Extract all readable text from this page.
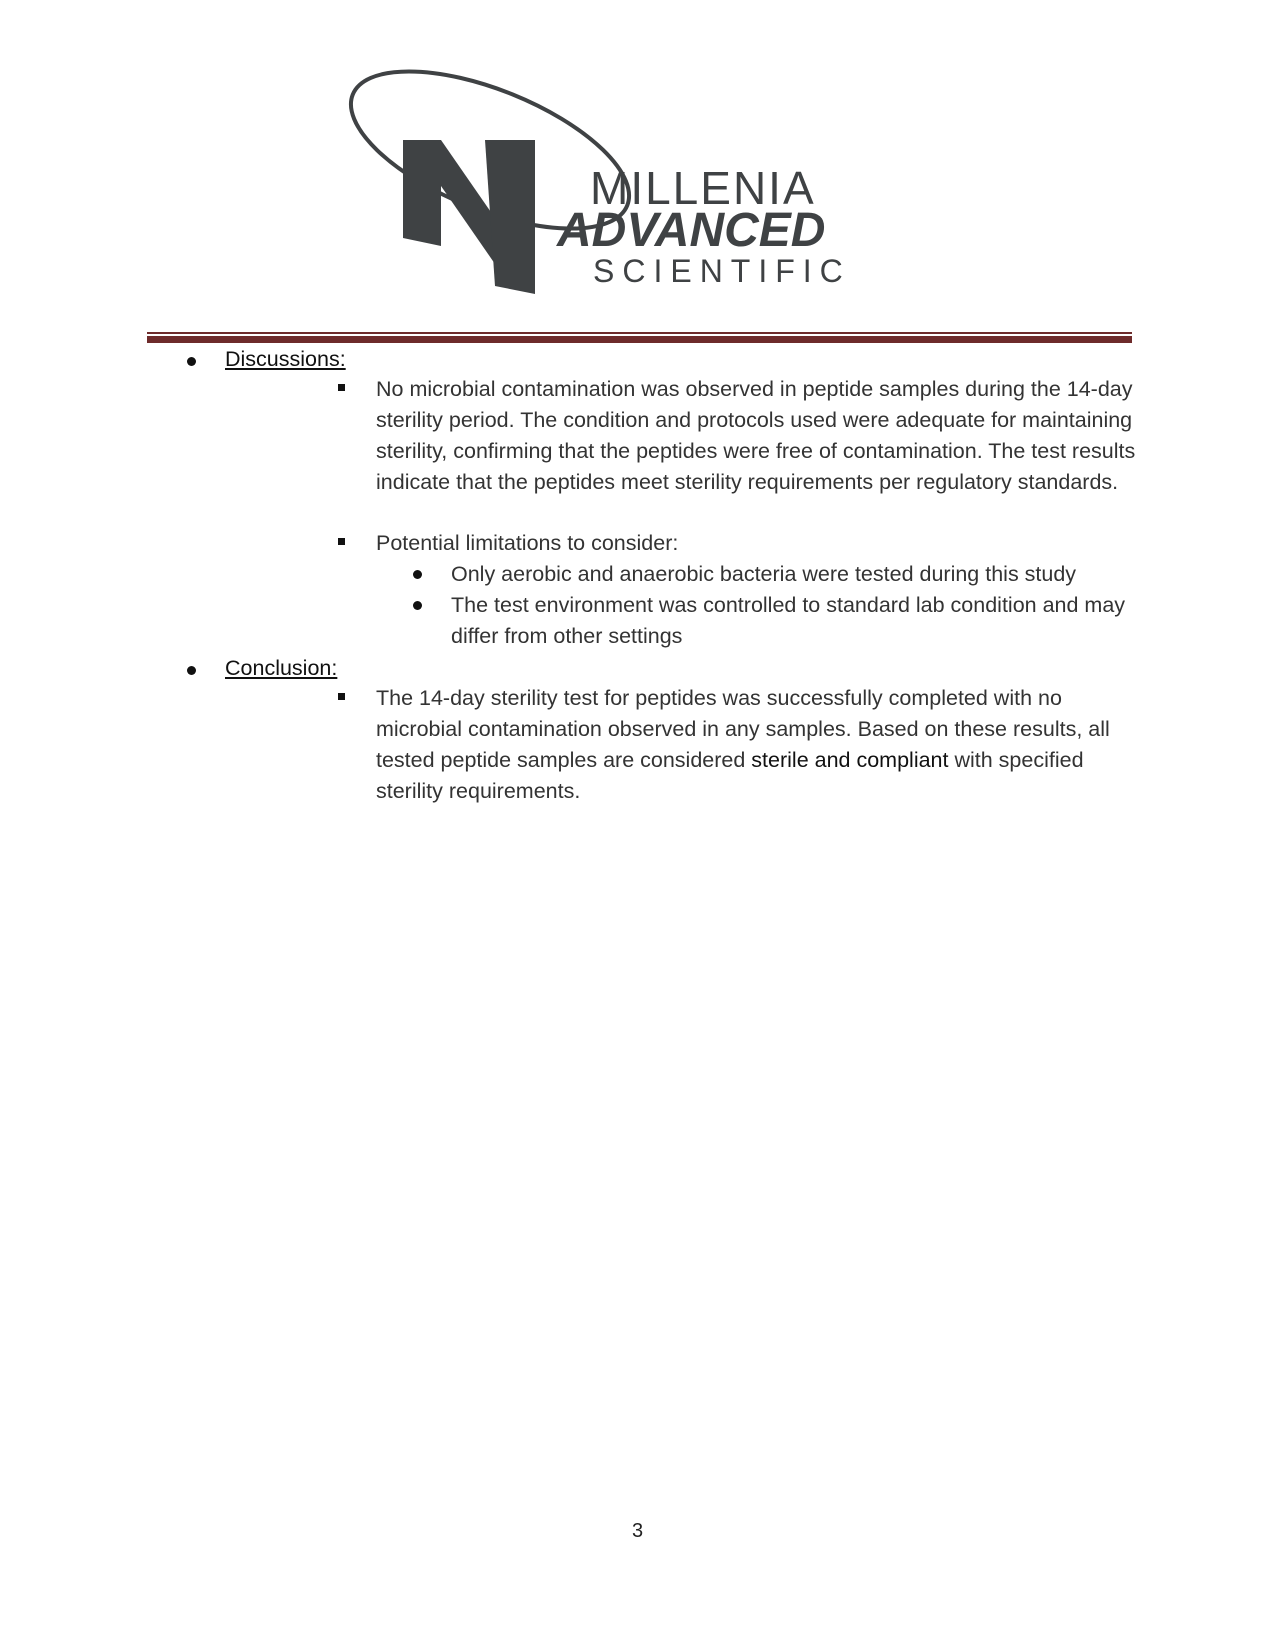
MILLENIA
ADVANCED
SCIENTIFIC
Discussions:
No microbial contamination was observed in peptide samples during the 14-day sterility period. The condition and protocols used were adequate for maintaining sterility, confirming that the peptides were free of contamination. The test results indicate that the peptides meet sterility requirements per regulatory standards.
Potential limitations to consider:
Only aerobic and anaerobic bacteria were tested during this study
The test environment was controlled to standard lab condition and may differ from other settings
Conclusion:
The 14-day sterility test for peptides was successfully completed with no microbial contamination observed in any samples. Based on these results, all tested peptide samples are considered sterile and compliant with specified sterility requirements.
3
